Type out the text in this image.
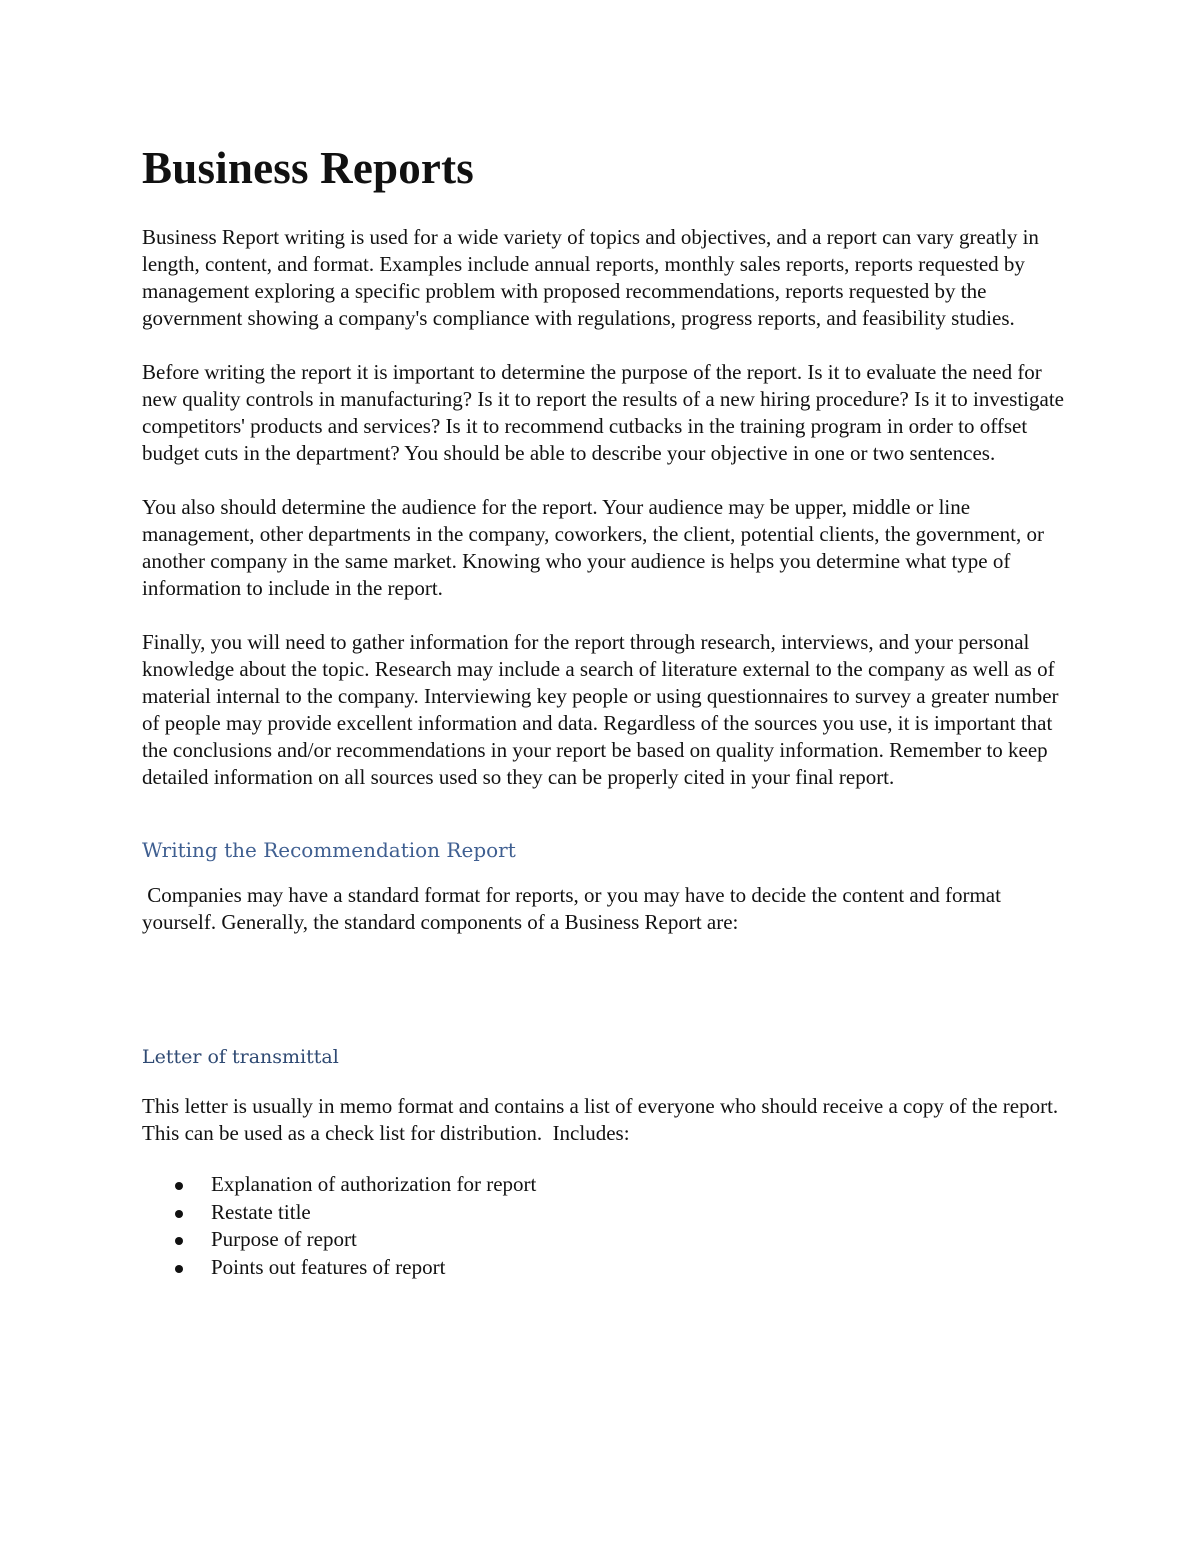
Business Reports

Business Report writing is used for a wide variety of topics and objectives, and a report can vary greatly in length, content, and format. Examples include annual reports, monthly sales reports, reports requested by management exploring a specific problem with proposed recommendations, reports requested by the government showing a company's compliance with regulations, progress reports, and feasibility studies.

Before writing the report it is important to determine the purpose of the report. Is it to evaluate the need for new quality controls in manufacturing? Is it to report the results of a new hiring procedure? Is it to investigate competitors' products and services? Is it to recommend cutbacks in the training program in order to offset budget cuts in the department? You should be able to describe your objective in one or two sentences.

You also should determine the audience for the report. Your audience may be upper, middle or line management, other departments in the company, coworkers, the client, potential clients, the government, or another company in the same market. Knowing who your audience is helps you determine what type of information to include in the report.

Finally, you will need to gather information for the report through research, interviews, and your personal knowledge about the topic. Research may include a search of literature external to the company as well as of material internal to the company. Interviewing key people or using questionnaires to survey a greater number of people may provide excellent information and data. Regardless of the sources you use, it is important that the conclusions and/or recommendations in your report be based on quality information. Remember to keep detailed information on all sources used so they can be properly cited in your final report.

Writing the Recommendation Report

Companies may have a standard format for reports, or you may have to decide the content and format yourself. Generally, the standard components of a Business Report are:

Letter of transmittal

This letter is usually in memo format and contains a list of everyone who should receive a copy of the report. This can be used as a check list for distribution.  Includes:

Explanation of authorization for report
Restate title
Purpose of report
Points out features of report
